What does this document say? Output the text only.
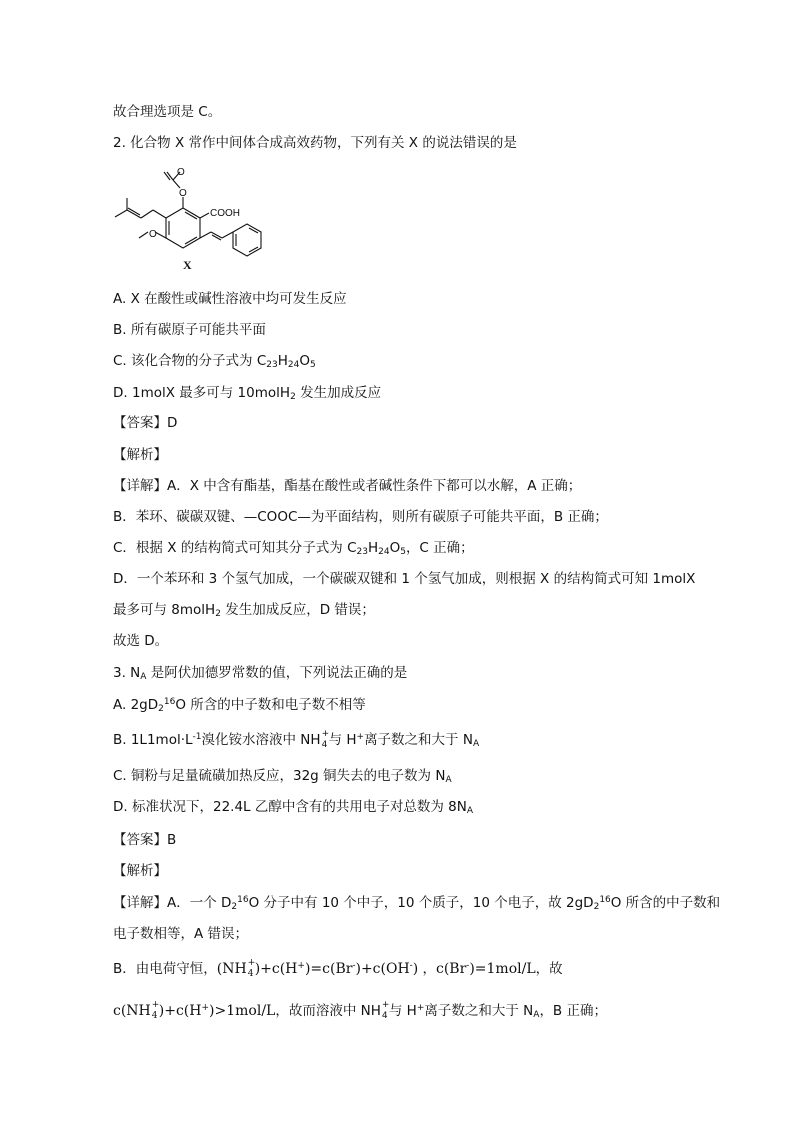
故合理选项是 C。
2. 化合物 X 常作中间体合成高效药物，下列有关 X 的说法错误的是
O
O
O
COOH
X
A. X 在酸性或碱性溶液中均可发生反应
B. 所有碳原子可能共平面
C. 该化合物的分子式为 $C_{23}H_{24}O_5$
D. 1molX 最多可与 10molH$_2$ 发生加成反应
【答案】D
【解析】
【详解】A．X 中含有酯基，酯基在酸性或者碱性条件下都可以水解，A 正确；
B．苯环、碳碳双键、—COOC—为平面结构，则所有碳原子可能共平面，B 正确；
C．根据 X 的结构简式可知其分子式为 $C_{23}H_{24}O_5$，C 正确；
D．一个苯环和 3 个氢气加成，一个碳碳双键和 1 个氢气加成，则根据 X 的结构简式可知 1molX
最多可与 8molH$_2$ 发生加成反应，D 错误；
故选 D。
3. $N_A$ 是阿伏加德罗常数的值，下列说法正确的是
A. $2gD_2^{16}O$ 所含的中子数和电子数不相等
B. $1L1mol\cdot L^{-1}$溴化铵水溶液中 NH +
4 与 H+离子数之和大于 $N_A$
C. 铜粉与足量硫磺加热反应，32g 铜失去的电子数为 $N_A$
D. 标准状况下，22.4L 乙醇中含有的共用电子对总数为 $8N_A$
【答案】B
【解析】
【详解】A．一个 $D_2^{16}O$ 分子中有 10 个中子，10 个质子，10 个电子，故 $2gD_2^{16}O$ 所含的中子数和
电子数相等，A 错误；
B．由电荷守恒，(NH +
4 )+c(H+)=c(Br-)+c(OH-) ，c(Br-)=1mol/L，故
c(NH +
4 )+c(H+)>1mol/L，故而溶液中 NH +
4 与 H+离子数之和大于 $N_A$，B 正确；
